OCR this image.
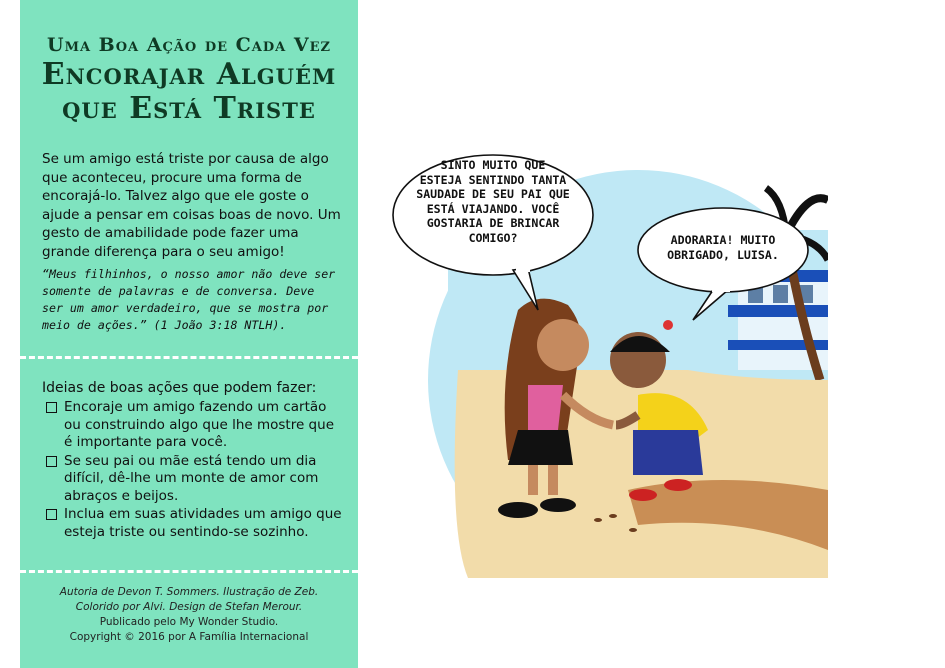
Uma Boa Ação de Cada Vez
Encorajar Alguém
que Está Triste
Se um amigo está triste por causa de algo que aconteceu, procure uma forma de encorajá-lo. Talvez algo que ele goste o ajude a pensar em coisas boas de novo. Um gesto de amabilidade pode fazer uma grande diferença para o seu amigo!
“Meus filhinhos, o nosso amor não deve ser somente de palavras e de conversa. Deve ser um amor verdadeiro, que se mostra por meio de ações.” (1 João 3:18 NTLH).
Ideias de boas ações que podem fazer:
Encoraje um amigo fazendo um cartão ou construindo algo que lhe mostre que é importante para você.
Se seu pai ou mãe está tendo um dia difícil, dê-lhe um monte de amor com abraços e beijos.
Inclua em suas atividades um amigo que esteja triste ou sentindo-se sozinho.
Autoria de Devon T. Sommers. Ilustração de Zeb.
Colorido por Alvi. Design de Stefan Merour.
Publicado pelo My Wonder Studio.
Copyright © 2016 por A Família Internacional
SINTO MUITO QUE
ESTEJA SENTINDO TANTA
SAUDADE DE SEU PAI QUE
ESTÁ VIAJANDO. VOCÊ
GOSTARIA DE BRINCAR
COMIGO?	ADORARIA! MUITO
OBRIGADO, LUISA.
